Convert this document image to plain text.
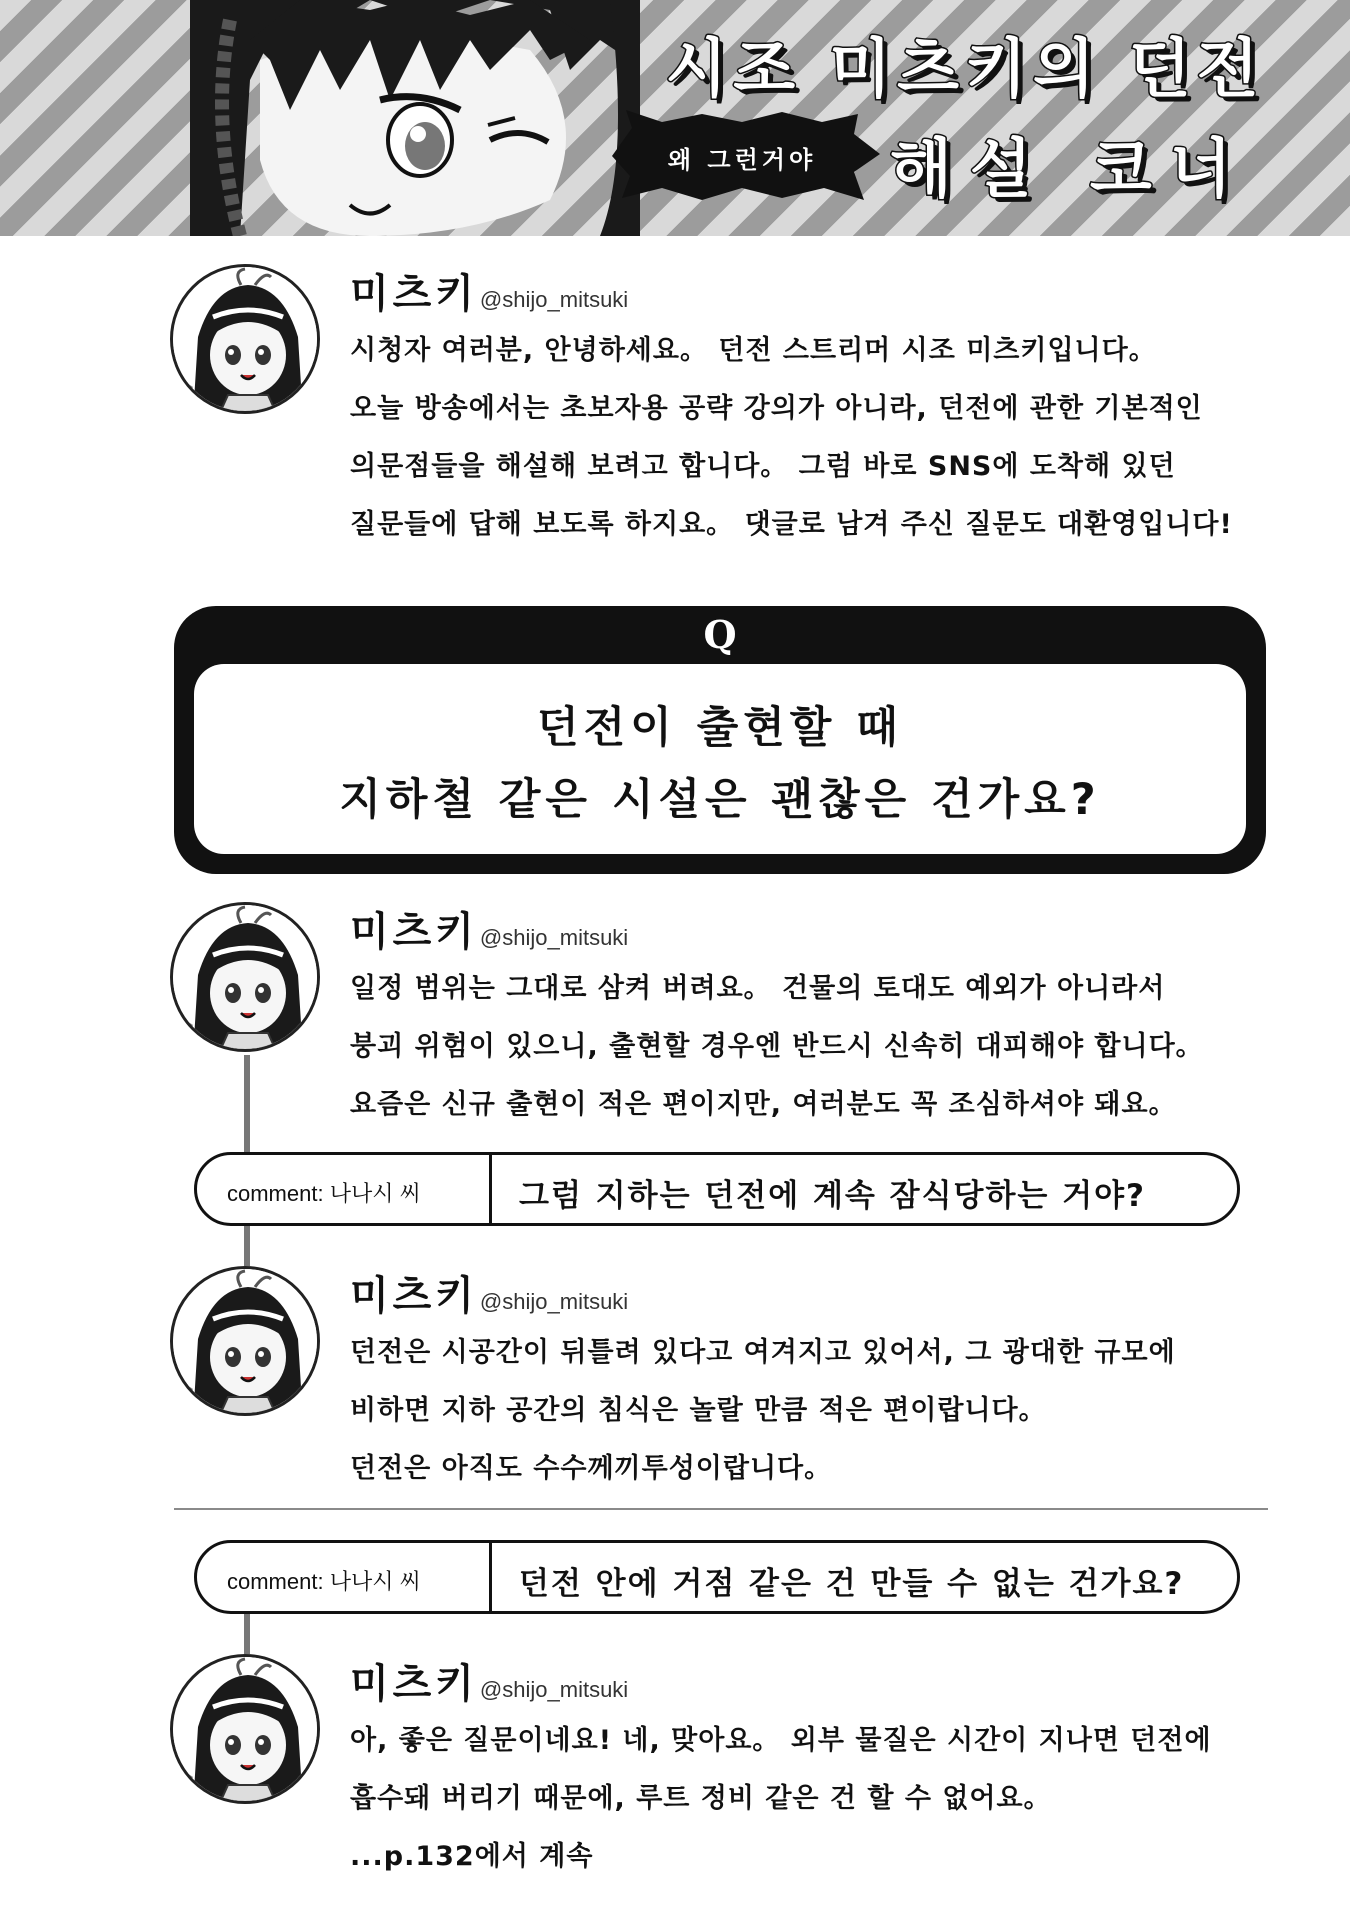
시조 미츠키의 던전
왜 그런거야	해설 코너
미츠키@shijo_mitsuki
시청자 여러분, 안녕하세요。 던전 스트리머 시조 미츠키입니다。
오늘 방송에서는 초보자용 공략 강의가 아니라, 던전에 관한 기본적인
의문점들을 해설해 보려고 합니다。 그럼 바로 SNS에 도착해 있던
질문들에 답해 보도록 하지요。 댓글로 남겨 주신 질문도 대환영입니다!
Q
던전이 출현할 때
지하철 같은 시설은 괜찮은 건가요?
미츠키@shijo_mitsuki
일정 범위는 그대로 삼켜 버려요。 건물의 토대도 예외가 아니라서
붕괴 위험이 있으니, 출현할 경우엔 반드시 신속히 대피해야 합니다。
요즘은 신규 출현이 적은 편이지만, 여러분도 꼭 조심하셔야 돼요。
comment: 나나시 씨	그럼 지하는 던전에 계속 잠식당하는 거야?
미츠키@shijo_mitsuki
던전은 시공간이 뒤틀려 있다고 여겨지고 있어서, 그 광대한 규모에
비하면 지하 공간의 침식은 놀랄 만큼 적은 편이랍니다。
던전은 아직도 수수께끼투성이랍니다。
comment: 나나시 씨	던전 안에 거점 같은 건 만들 수 없는 건가요?
미츠키@shijo_mitsuki
아, 좋은 질문이네요! 네, 맞아요。 외부 물질은 시간이 지나면 던전에
흡수돼 버리기 때문에, 루트 정비 같은 건 할 수 없어요。
...p.132에서 계속
